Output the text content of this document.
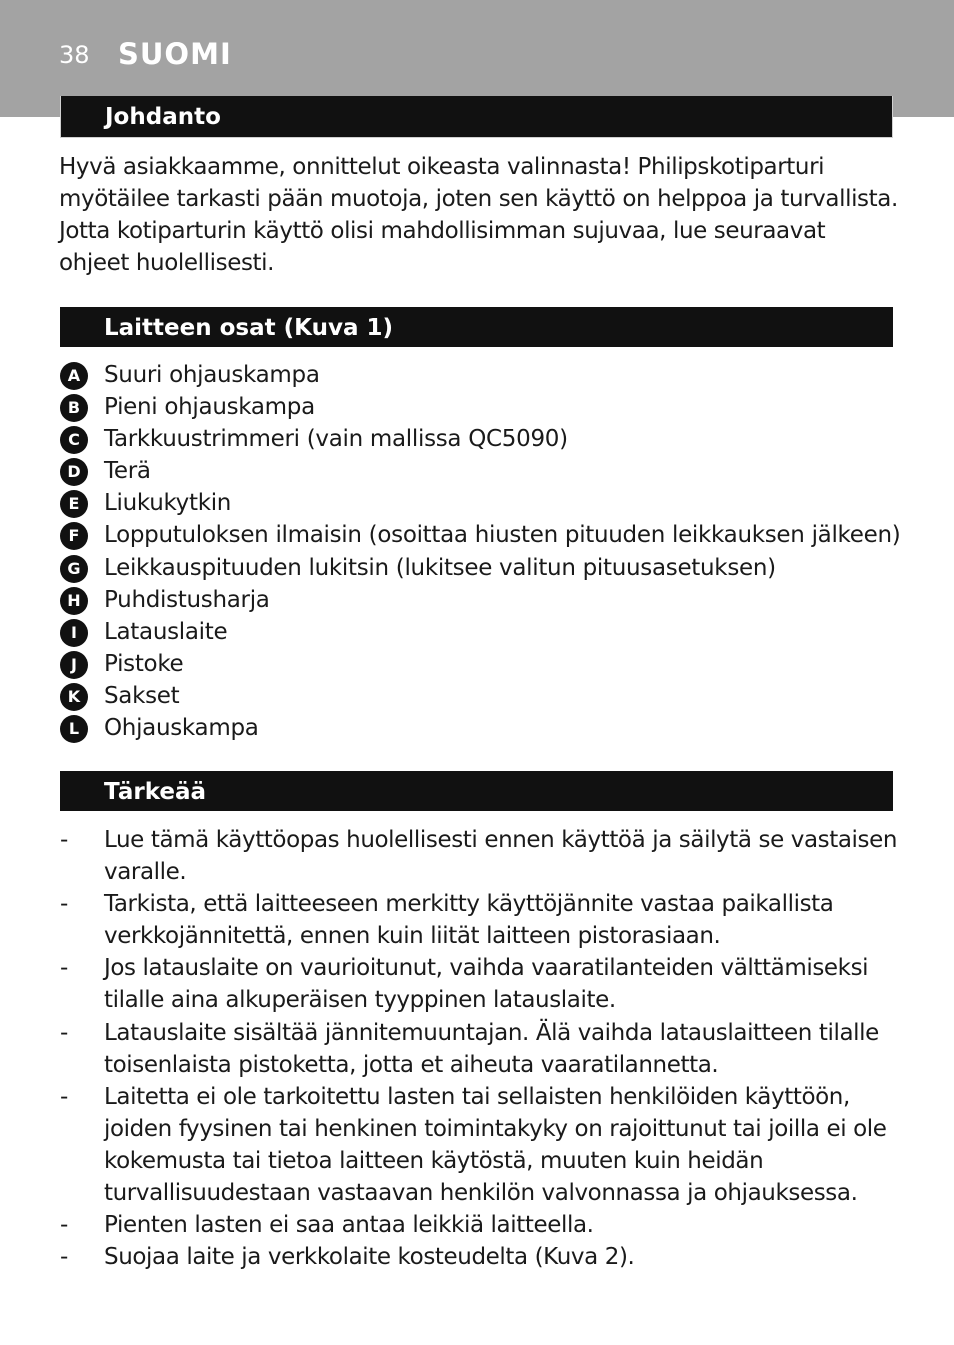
38 SUOMI
Johdanto
Hyvä asiakkaamme, onnittelut oikeasta valinnasta! Philipskotiparturi myötäilee tarkasti pään muotoja, joten sen käyttö on helppoa ja turvallista. Jotta kotiparturin käyttö olisi mahdollisimman sujuvaa, lue seuraavat ohjeet huolellisesti.
Laitteen osat (Kuva 1)
A	Suuri ohjauskampa
B	Pieni ohjauskampa
C	Tarkkuustrimmeri (vain mallissa QC5090)
D	Terä
E	Liukukytkin
F	Lopputuloksen ilmaisin (osoittaa hiusten pituuden leikkauksen jälkeen)
G	Leikkauspituuden lukitsin (lukitsee valitun pituusasetuksen)
H	Puhdistusharja
I	Latauslaite
J	Pistoke
K	Sakset
L	Ohjauskampa
Tärkeää
- Lue tämä käyttöopas huolellisesti ennen käyttöä ja säilytä se vastaisen varalle.
- Tarkista, että laitteeseen merkitty käyttöjännite vastaa paikallista verkkojännitettä, ennen kuin liität laitteen pistorasiaan.
- Jos latauslaite on vaurioitunut, vaihda vaaratilanteiden välttämiseksi tilalle aina alkuperäisen tyyppinen latauslaite.
- Latauslaite sisältää jännitemuuntajan. Älä vaihda latauslaitteen tilalle toisenlaista pistoketta, jotta et aiheuta vaaratilannetta.
- Laitetta ei ole tarkoitettu lasten tai sellaisten henkilöiden käyttöön, joiden fyysinen tai henkinen toimintakyky on rajoittunut tai joilla ei ole kokemusta tai tietoa laitteen käytöstä, muuten kuin heidän turvallisuudestaan vastaavan henkilön valvonnassa ja ohjauksessa.
- Pienten lasten ei saa antaa leikkiä laitteella.
- Suojaa laite ja verkkolaite kosteudelta (Kuva 2).
